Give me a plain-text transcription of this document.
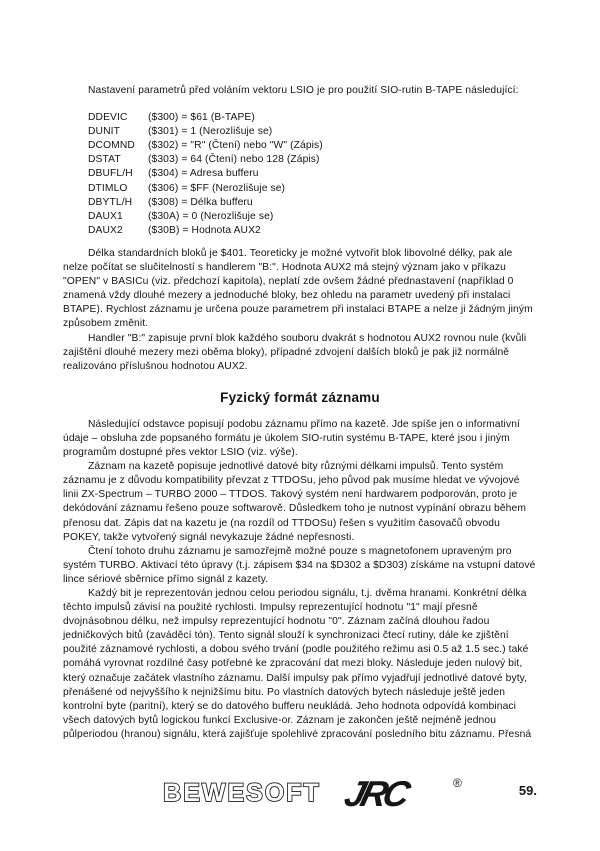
Nastavení parametrů před voláním vektoru LSIO je pro použití SIO-rutin B-TAPE následující:

DDEVIC	($300) = $61 (B-TAPE)
DUNIT	($301) = 1 (Nerozlišuje se)
DCOMND	($302) = "R" (Čtení) nebo "W" (Zápis)
DSTAT	($303) = 64 (Čtení) nebo 128 (Zápis)
DBUFL/H	($304) = Adresa bufferu
DTIMLO	($306) = $FF (Nerozlišuje se)
DBYTL/H	($308) = Délka bufferu
DAUX1	($30A) = 0 (Nerozlišuje se)
DAUX2	($30B) = Hodnota AUX2

Délka standardních bloků je $401. Teoreticky je možné vytvořit blok libovolné délky, pak ale nelze počítat se slučitelností s handlerem "B:". Hodnota AUX2 má stejný význam jako v příkazu "OPEN" v BASICu (viz. předchozí kapitola), neplatí zde ovšem žádné přednastavení (například 0 znamená vždy dlouhé mezery a jednoduché bloky, bez ohledu na parametr uvedený při instalaci BTAPE). Rychlost záznamu je určena pouze parametrem při instalaci BTAPE a nelze ji žádným jiným způsobem změnit.

Handler "B:" zapisuje první blok každého souboru dvakrát s hodnotou AUX2 rovnou nule (kvůli zajištění dlouhé mezery mezi oběma bloky), případné zdvojení dalších bloků je pak již normálně realizováno příslušnou hodnotou AUX2.

Fyzický formát záznamu

Následující odstavce popisují podobu záznamu přímo na kazetě. Jde spíše jen o informativní údaje – obsluha zde popsaného formátu je úkolem SIO-rutin systému B-TAPE, které jsou i jiným programům dostupné přes vektor LSIO (viz. výše).

Záznam na kazetě popisuje jednotlivé datové bity různými délkami impulsů. Tento systém záznamu je z důvodu kompatibility převzat z TTDOSu, jeho původ pak musíme hledat ve vývojové linii ZX-Spectrum – TURBO 2000 – TTDOS. Takový systém není hardwarem podporován, proto je dekódování záznamu řešeno pouze softwarově. Důsledkem toho je nutnost vypínání obrazu během přenosu dat. Zápis dat na kazetu je (na rozdíl od TTDOSu) řešen s využitím časovačů obvodu POKEY, takže vytvořený signál nevykazuje žádné nepřesnosti.

Čtení tohoto druhu záznamu je samozřejmě možné pouze s magnetofonem upraveným pro systém TURBO. Aktivací této úpravy (t.j. zápisem $34 na $D302 a $D303) získáme na vstupní datové lince sériové sběrnice přímo signál z kazety.

Každý bit je reprezentován jednou celou periodou signálu, t.j. dvěma hranami. Konkrétní délka těchto impulsů závisí na použité rychlosti. Impulsy reprezentující hodnotu "1" mají přesně dvojnásobnou délku, než impulsy reprezentující hodnotu "0". Záznam začíná dlouhou řadou jedničkových bitů (zaváděcí tón). Tento signál slouží k synchronizaci čtecí rutiny, dále ke zjištění použité záznamové rychlosti, a dobou svého trvání (podle použitého režimu asi 0.5 až 1.5 sec.) také pomáhá vyrovnat rozdílné časy potřebné ke zpracování dat mezi bloky. Následuje jeden nulový bit, který označuje začátek vlastního záznamu. Další impulsy pak přímo vyjadřují jednotlivé datové byty, přenášené od nejvyššího k nejnižšímu bitu. Po vlastních datových bytech následuje ještě jeden kontrolní byte (paritní), který se do datového bufferu neukládá. Jeho hodnota odpovídá kombinaci všech datových bytů logickou funkcí Exclusive-or. Záznam je zakončen ještě nejméně jednou půlperiodou (hranou) signálu, která zajišťuje spolehlivé zpracování posledního bitu záznamu. Přesná

BEWESOFT JRC	®	59.
